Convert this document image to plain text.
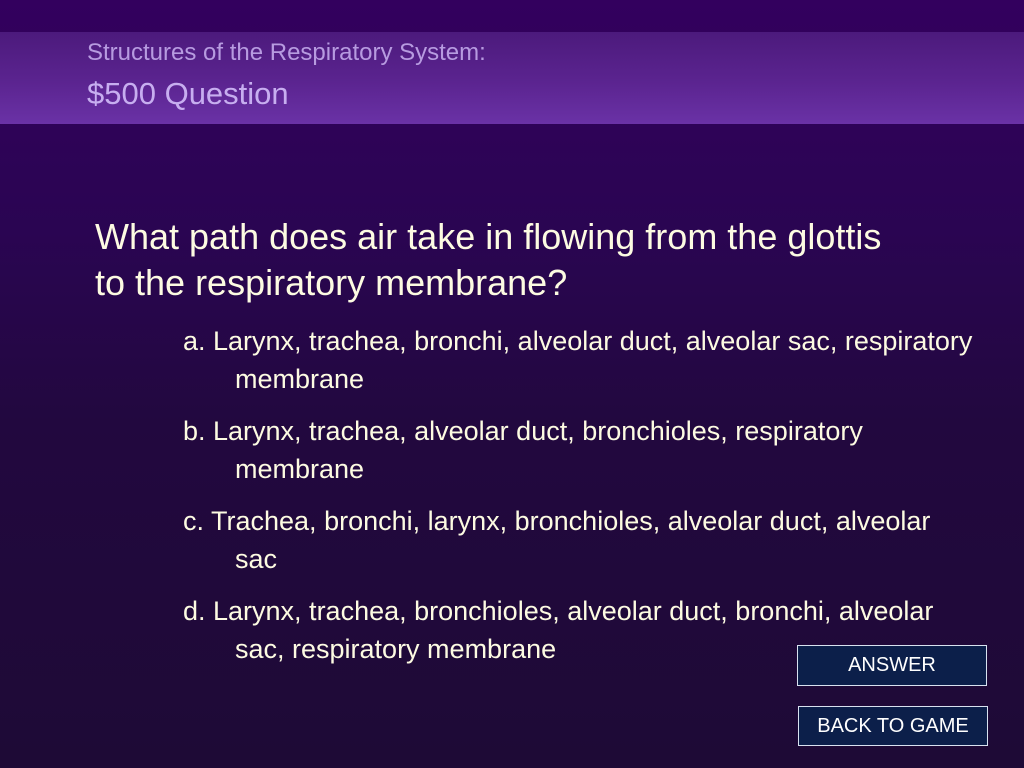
Structures of the Respiratory System:
$500 Question
What path does air take in flowing from the glottis to the respiratory membrane?
a. Larynx, trachea, bronchi, alveolar duct, alveolar sac, respiratory membrane
b. Larynx, trachea, alveolar duct, bronchioles, respiratory membrane
c. Trachea, bronchi, larynx, bronchioles, alveolar duct, alveolar sac
d. Larynx, trachea, bronchioles, alveolar duct, bronchi, alveolar sac, respiratory membrane
ANSWER
BACK TO GAME
